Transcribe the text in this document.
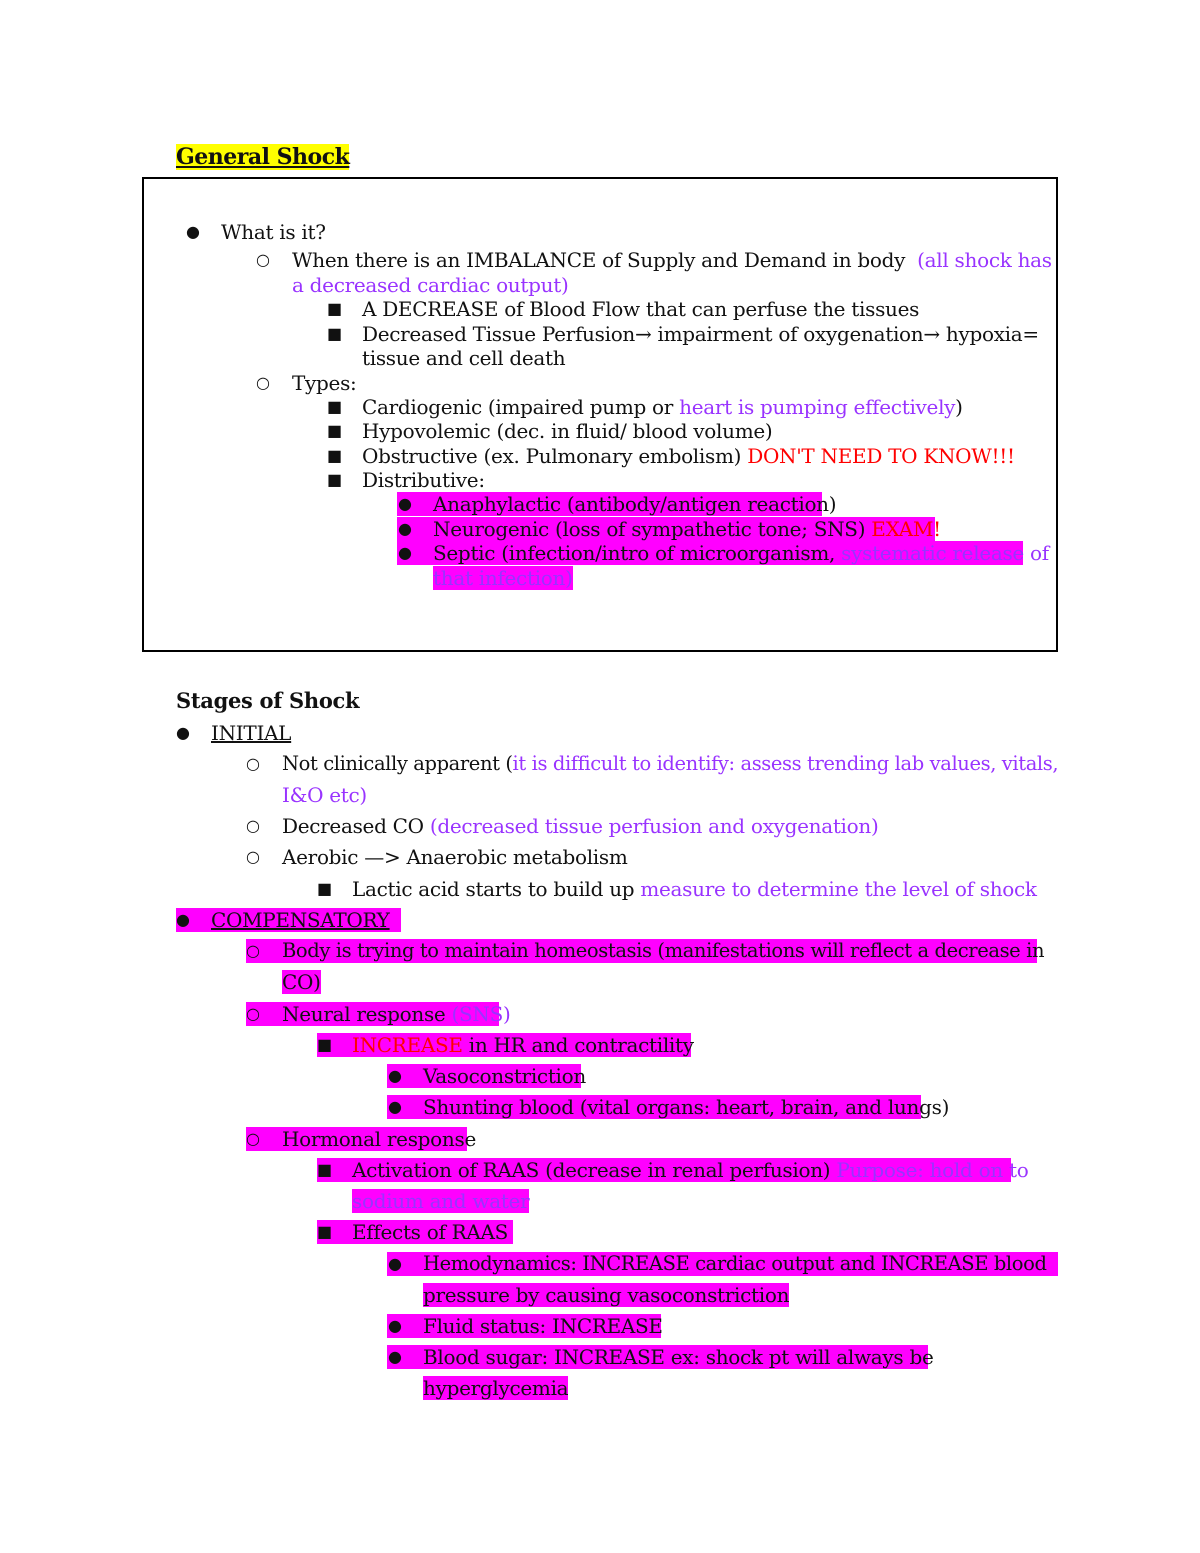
General Shock
● What is it?
○ When there is an IMBALANCE of Supply and Demand in body (all shock has
a decreased cardiac output)
■ A DECREASE of Blood Flow that can perfuse the tissues
■ Decreased Tissue Perfusion→ impairment of oxygenation→ hypoxia=
tissue and cell death
○ Types:
■ Cardiogenic (impaired pump or heart is pumping effectively)
■ Hypovolemic (dec. in fluid/ blood volume)
■ Obstructive (ex. Pulmonary embolism) DON'T NEED TO KNOW!!!
■ Distributive:
● Anaphylactic (antibody/antigen reaction)
● Neurogenic (loss of sympathetic tone; SNS) EXAM!
● Septic (infection/intro of microorganism, systematic release of
that infection)
Stages of Shock
● INITIAL
○ Not clinically apparent (it is difficult to identify: assess trending lab values, vitals,
I&O etc)
○ Decreased CO (decreased tissue perfusion and oxygenation)
○ Aerobic —> Anaerobic metabolism
■ Lactic acid starts to build up measure to determine the level of shock
● COMPENSATORY
○ Body is trying to maintain homeostasis (manifestations will reflect a decrease in
CO)
○ Neural response (SNS)
■ INCREASE in HR and contractility
● Vasoconstriction
● Shunting blood (vital organs: heart, brain, and lungs)
○ Hormonal response
■ Activation of RAAS (decrease in renal perfusion) Purpose: hold on to
sodium and water
■ Effects of RAAS
● Hemodynamics: INCREASE cardiac output and INCREASE blood
pressure by causing vasoconstriction
● Fluid status: INCREASE
● Blood sugar: INCREASE ex: shock pt will always be
hyperglycemia
